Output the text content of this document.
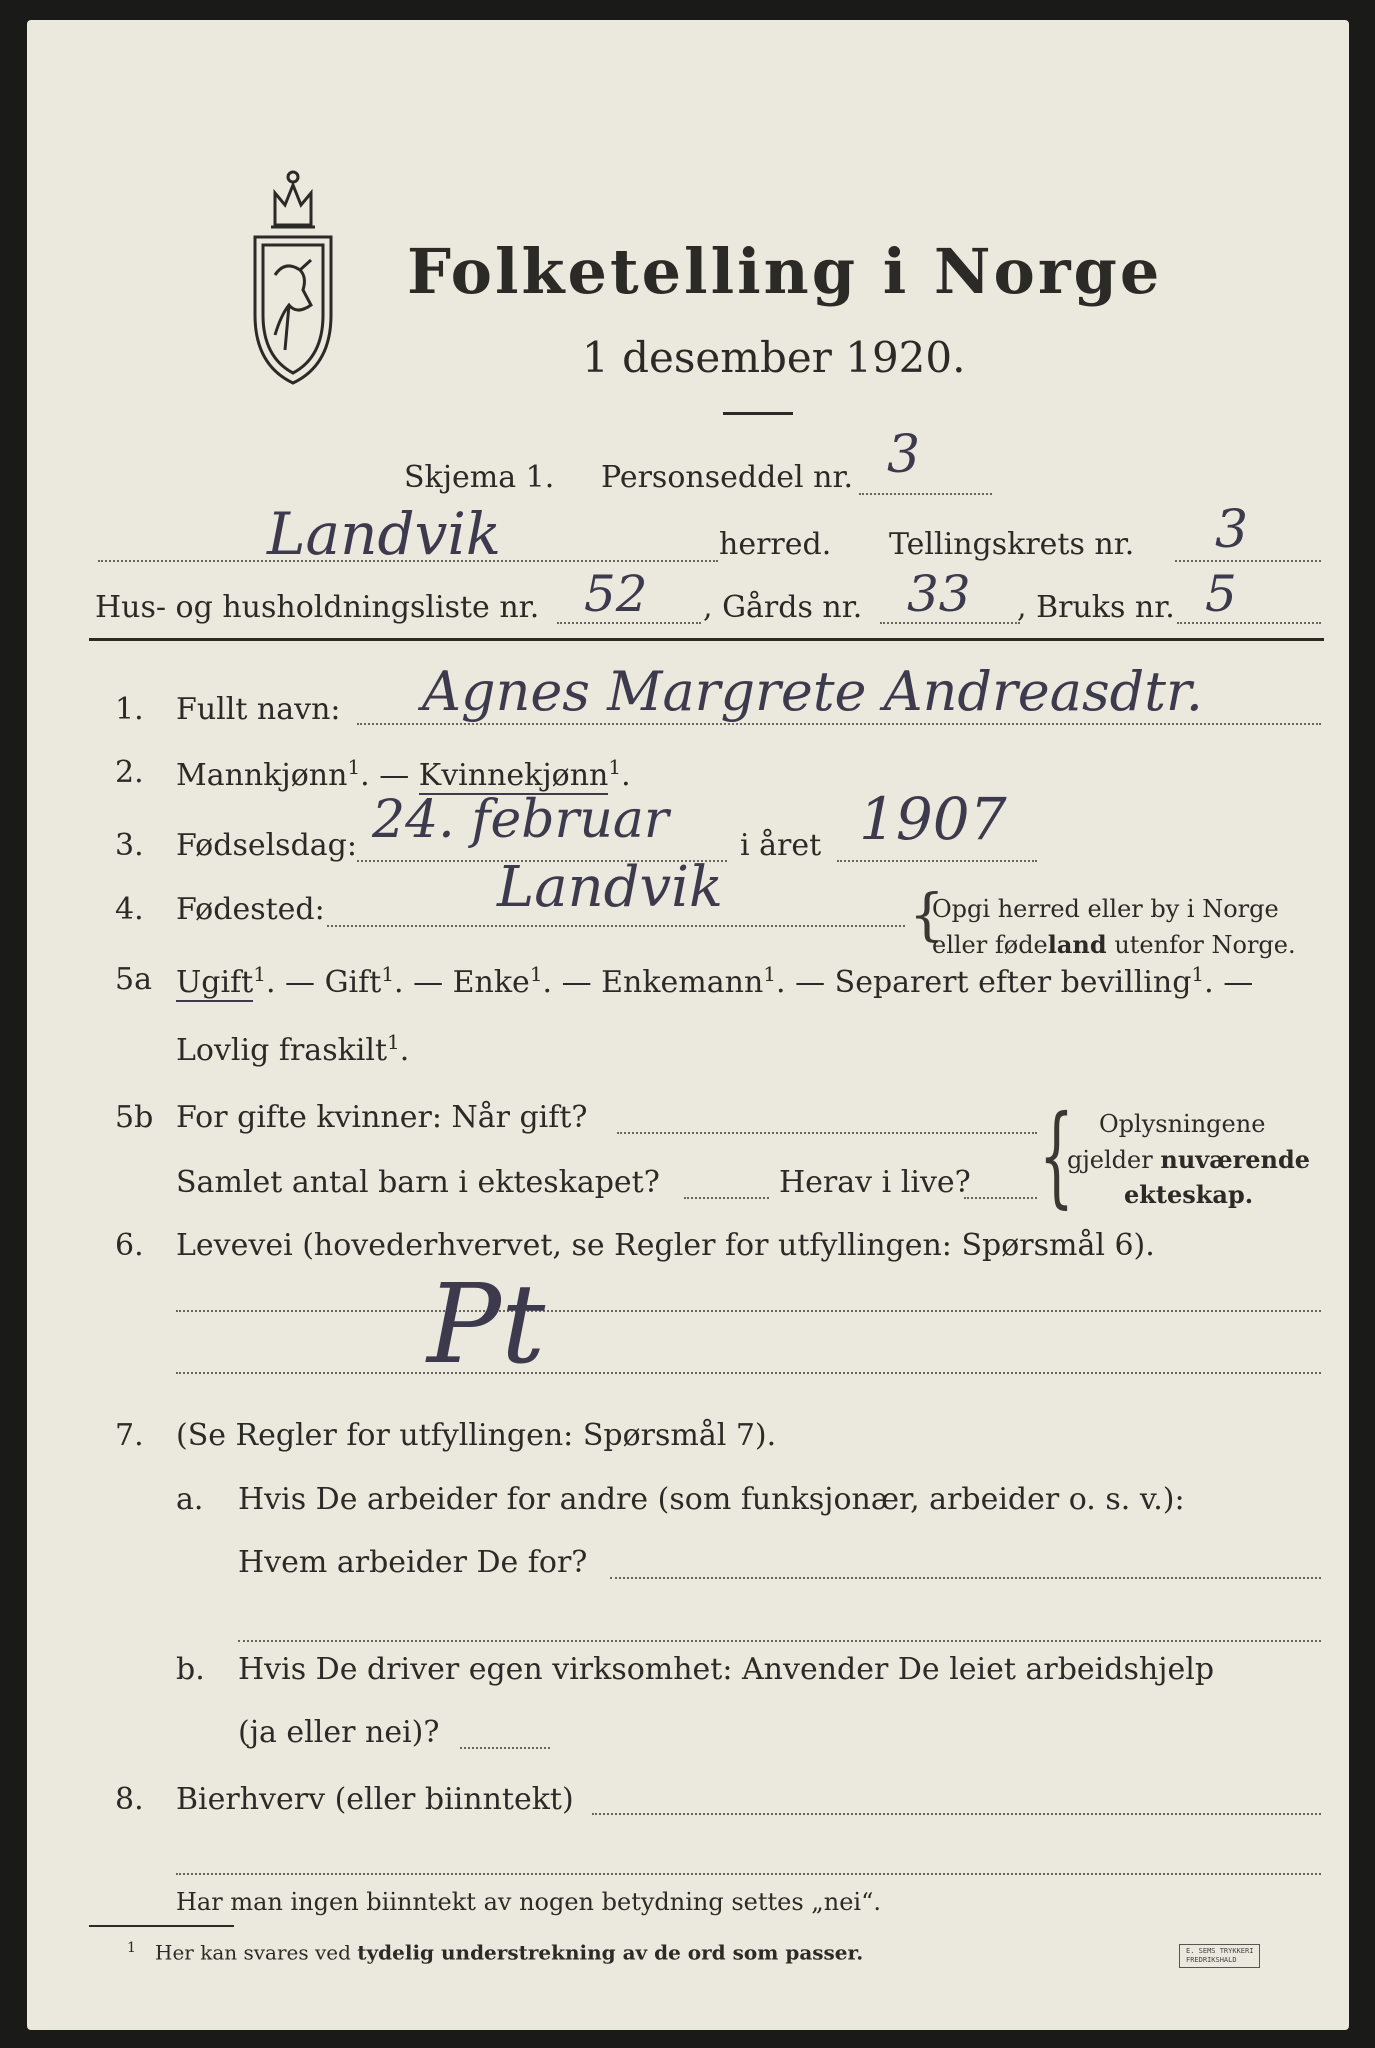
Folketelling i Norge
1 desember 1920.
Skjema 1. Personseddel nr. 3
Landvik	herred. Tellingskrets nr. 3
Hus- og husholdningsliste nr. 52 , Gårds nr. 33 , Bruks nr. 5
1. Fullt navn: Agnes Margrete Andreasdtr.
2. Mannkjønn$^1$. — Kvinnekjønn$^1$.
3. Fødselsdag: 24. februar i året 1907
4. Fødested:	Landvik	{
Opgi herred eller by i Norge
eller fødeland utenfor Norge.
5a Ugift$^1$. — Gift$^1$. — Enke$^1$. — Enkemann$^1$. — Separert efter bevilling$^1$. —
Lovlig fraskilt$^1$.
5b For gifte kvinner: Når gift?
Samlet antal barn i ekteskapet?	Herav i live? { Oplysningene
gjelder nuværende
ekteskap.
6. Levevei (hovederhvervet, se Regler for utfyllingen: Spørsmål 6).
Pt
7. (Se Regler for utfyllingen: Spørsmål 7).
a. Hvis De arbeider for andre (som funksjonær, arbeider o. s. v.):
Hvem arbeider De for?
b. Hvis De driver egen virksomhet: Anvender De leiet arbeidshjelp
(ja eller nei)?
8. Bierhverv (eller biinntekt)
Har man ingen biinntekt av nogen betydning settes „nei“.
$^1$ Her kan svares ved tydelig understrekning av de ord som passer.	E. SEMS TRYKKERI
FREDRIKSHALD
